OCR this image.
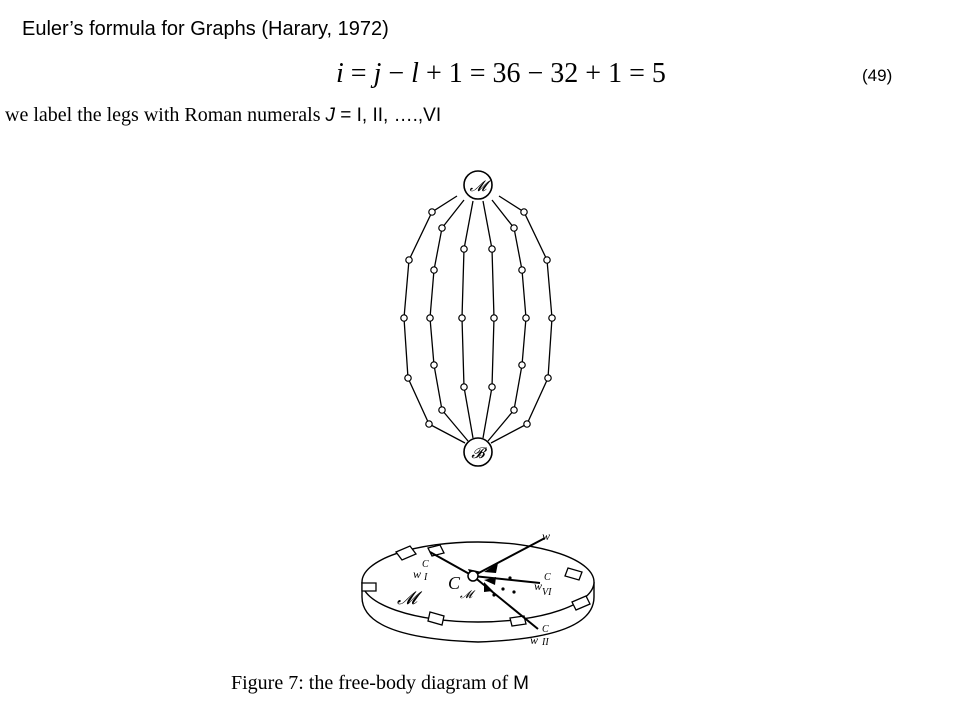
Euler’s formula for Graphs (Harary, 1972)
i = j − l + 1 = 36 − 32 + 1 = 5	(49)
we label the legs with Roman numerals J = I, II, ….,VI
𝓜
𝓑
𝓜
C
𝓜
w
C
I
w
w
C
VI
w
C
II
Figure 7: the free-body diagram of M
